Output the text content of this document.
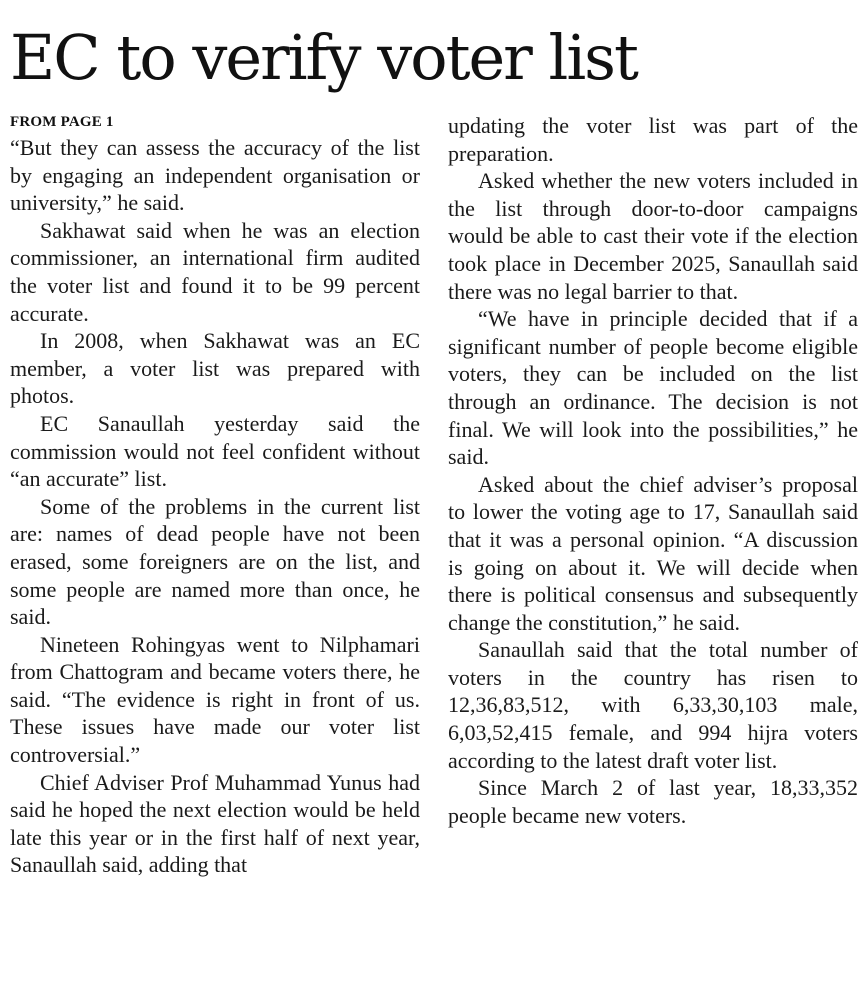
EC to verify voter list
FROM PAGE 1

“But they can assess the accuracy of the list by engaging an independent organisation or university,” he said.

Sakhawat said when he was an election commissioner, an international firm audited the voter list and found it to be 99 percent accurate.

In 2008, when Sakhawat was an EC member, a voter list was prepared with photos.

EC Sanaullah yesterday said the commission would not feel confident without “an accurate” list.

Some of the problems in the current list are: names of dead people have not been erased, some foreigners are on the list, and some people are named more than once, he said.

Nineteen Rohingyas went to Nilphamari from Chattogram and became voters there, he said. “The evidence is right in front of us. These issues have made our voter list controversial.”

Chief Adviser Prof Muhammad Yunus had said he hoped the next election would be held late this year or in the first half of next year, Sanaullah said, adding that

updating the voter list was part of the preparation.

Asked whether the new voters included in the list through door-to-door campaigns would be able to cast their vote if the election took place in December 2025, Sanaullah said there was no legal barrier to that.

“We have in principle decided that if a significant number of people become eligible voters, they can be included on the list through an ordinance. The decision is not final. We will look into the possibilities,” he said.

Asked about the chief adviser’s proposal to lower the voting age to 17, Sanaullah said that it was a personal opinion. “A discussion is going on about it. We will decide when there is political consensus and subsequently change the constitution,” he said.

Sanaullah said that the total number of voters in the country has risen to 12,36,83,512, with 6,33,30,103 male, 6,03,52,415 female, and 994 hijra voters according to the latest draft voter list.

Since March 2 of last year, 18,33,352 people became new voters.
